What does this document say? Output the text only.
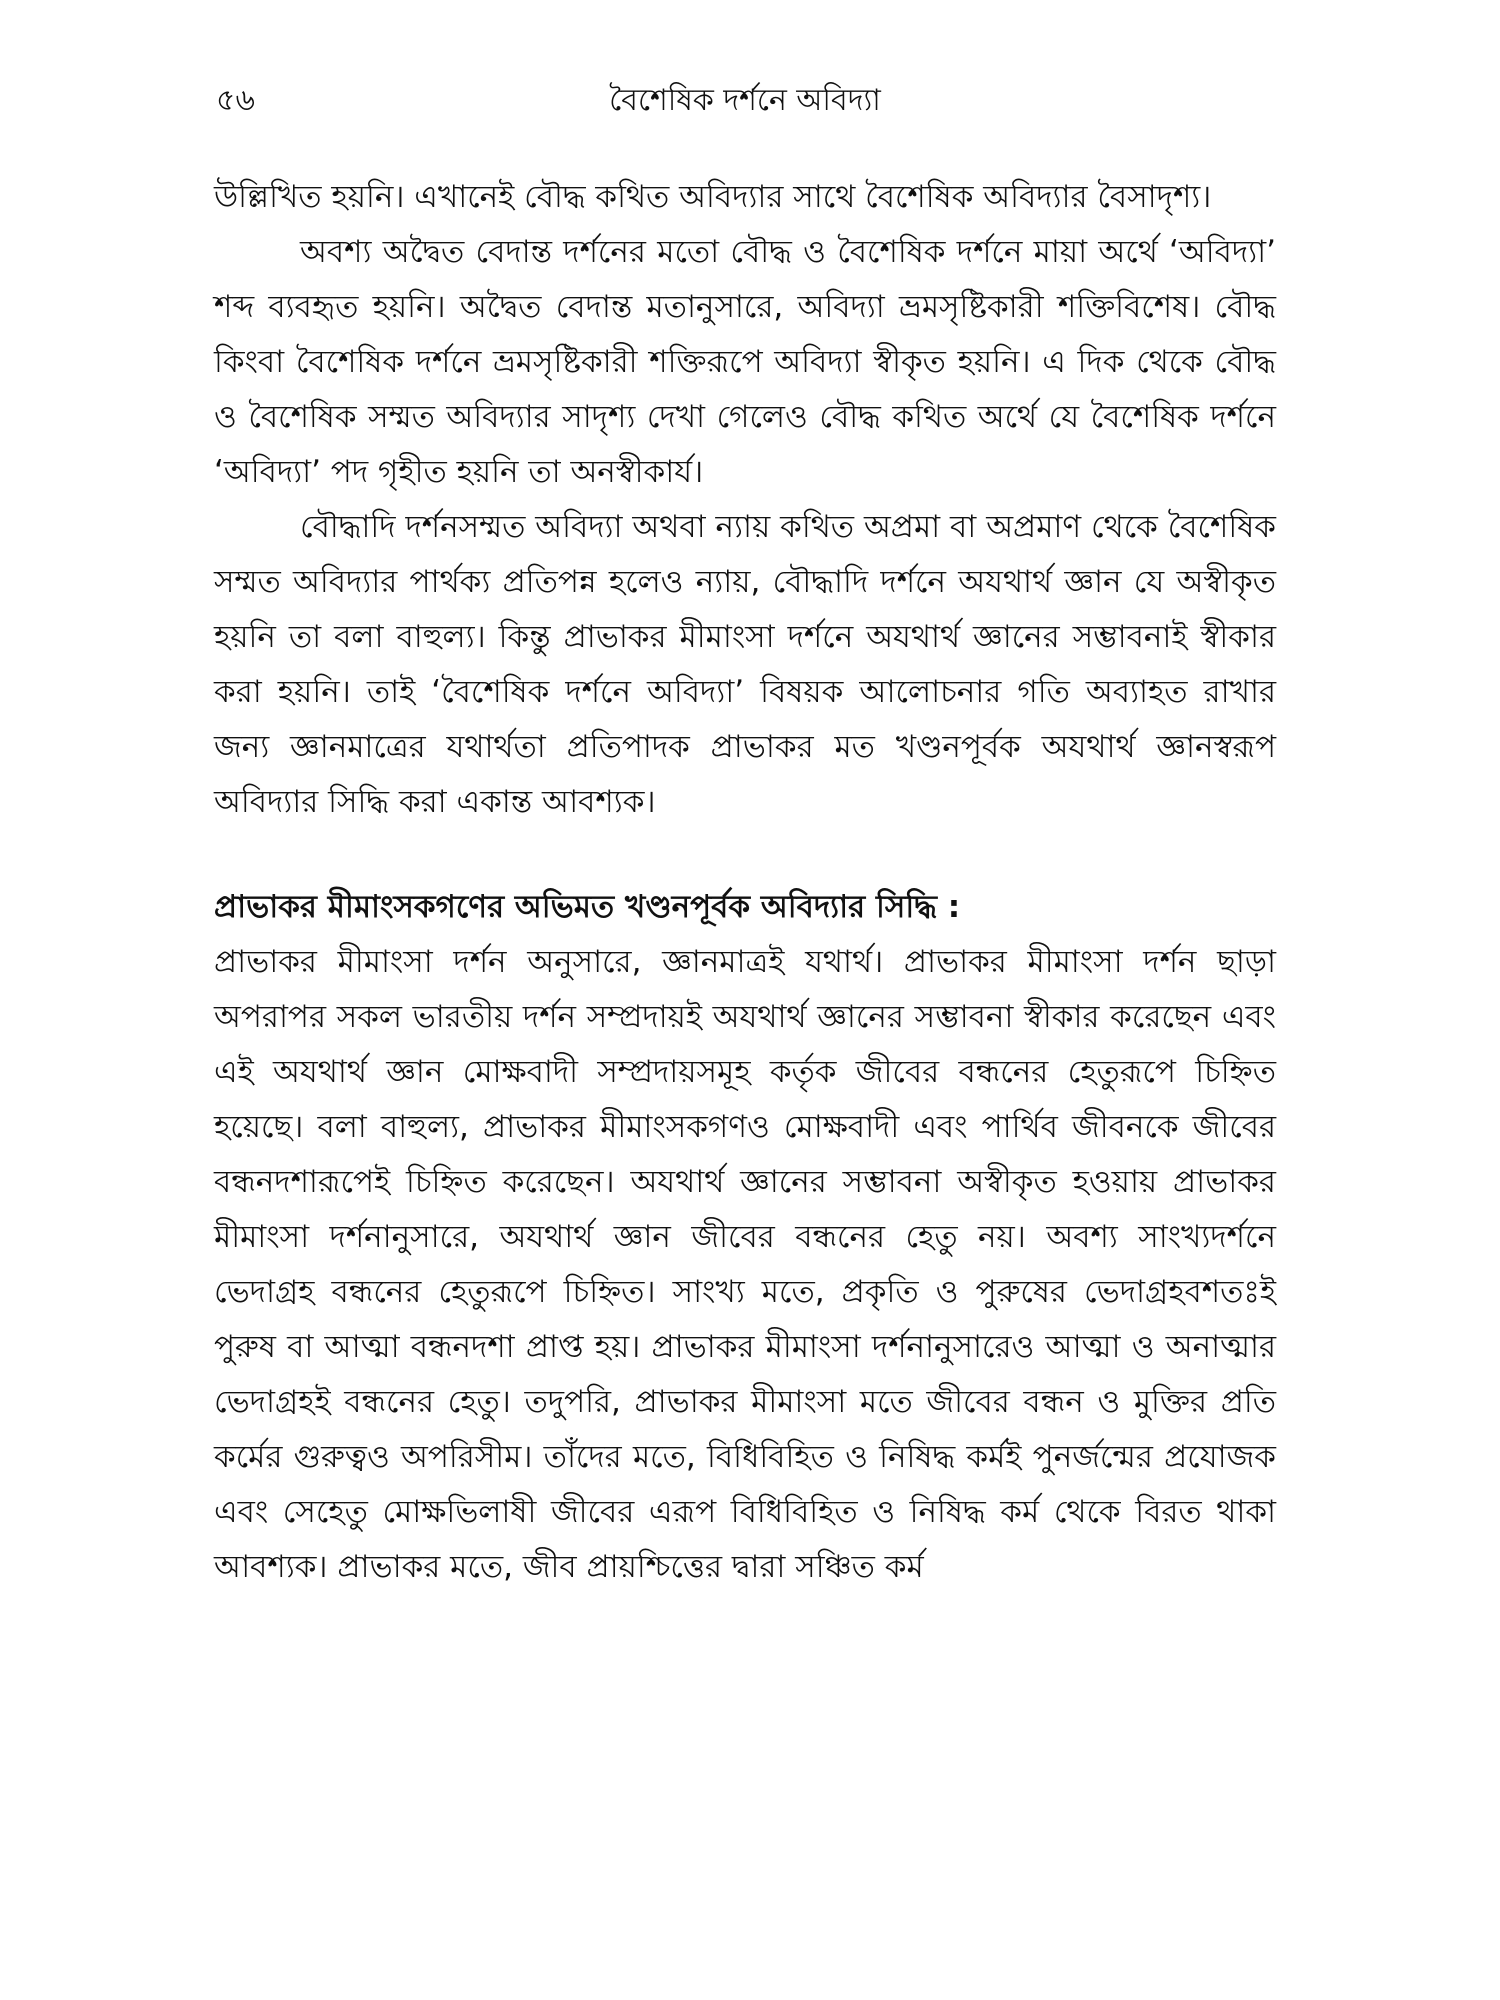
৫৬	বৈশেষিক দর্শনে অবিদ্যা

উল্লিখিত হয়নি। এখানেই বৌদ্ধ কথিত অবিদ্যার সাথে বৈশেষিক অবিদ্যার বৈসাদৃশ্য।

অবশ্য অদ্বৈত বেদান্ত দর্শনের মতো বৌদ্ধ ও বৈশেষিক দর্শনে মায়া অর্থে ‘অবিদ্যা’ শব্দ ব্যবহৃত হয়নি। অদ্বৈত বেদান্ত মতানুসারে, অবিদ্যা ভ্রমসৃষ্টিকারী শক্তিবিশেষ। বৌদ্ধ কিংবা বৈশেষিক দর্শনে ভ্রমসৃষ্টিকারী শক্তিরূপে অবিদ্যা স্বীকৃত হয়নি। এ দিক থেকে বৌদ্ধ ও বৈশেষিক সম্মত অবিদ্যার সাদৃশ্য দেখা গেলেও বৌদ্ধ কথিত অর্থে যে বৈশেষিক দর্শনে ‘অবিদ্যা’ পদ গৃহীত হয়নি তা অনস্বীকার্য।

বৌদ্ধাদি দর্শনসম্মত অবিদ্যা অথবা ন্যায় কথিত অপ্রমা বা অপ্রমাণ থেকে বৈশেষিক সম্মত অবিদ্যার পার্থক্য প্রতিপন্ন হলেও ন্যায়, বৌদ্ধাদি দর্শনে অযথার্থ জ্ঞান যে অস্বীকৃত হয়নি তা বলা বাহুল্য। কিন্তু প্রাভাকর মীমাংসা দর্শনে অযথার্থ জ্ঞানের সম্ভাবনাই স্বীকার করা হয়নি। তাই ‘বৈশেষিক দর্শনে অবিদ্যা’ বিষয়ক আলোচনার গতি অব্যাহত রাখার জন্য জ্ঞানমাত্রের যথার্থতা প্রতিপাদক প্রাভাকর মত খণ্ডনপূর্বক অযথার্থ জ্ঞানস্বরূপ অবিদ্যার সিদ্ধি করা একান্ত আবশ্যক।

প্রাভাকর মীমাংসকগণের অভিমত খণ্ডনপূর্বক অবিদ্যার সিদ্ধি :

প্রাভাকর মীমাংসা দর্শন অনুসারে, জ্ঞানমাত্রই যথার্থ। প্রাভাকর মীমাংসা দর্শন ছাড়া অপরাপর সকল ভারতীয় দর্শন সম্প্রদায়ই অযথার্থ জ্ঞানের সম্ভাবনা স্বীকার করেছেন এবং এই অযথার্থ জ্ঞান মোক্ষবাদী সম্প্রদায়সমূহ কর্তৃক জীবের বন্ধনের হেতুরূপে চিহ্নিত হয়েছে। বলা বাহুল্য, প্রাভাকর মীমাংসকগণও মোক্ষবাদী এবং পার্থিব জীবনকে জীবের বন্ধনদশারূপেই চিহ্নিত করেছেন। অযথার্থ জ্ঞানের সম্ভাবনা অস্বীকৃত হওয়ায় প্রাভাকর মীমাংসা দর্শনানুসারে, অযথার্থ জ্ঞান জীবের বন্ধনের হেতু নয়। অবশ্য সাংখ্যদর্শনে ভেদাগ্রহ বন্ধনের হেতুরূপে চিহ্নিত। সাংখ্য মতে, প্রকৃতি ও পুরুষের ভেদাগ্রহবশতঃই পুরুষ বা আত্মা বন্ধনদশা প্রাপ্ত হয়। প্রাভাকর মীমাংসা দর্শনানুসারেও আত্মা ও অনাত্মার ভেদাগ্রহই বন্ধনের হেতু। তদুপরি, প্রাভাকর মীমাংসা মতে জীবের বন্ধন ও মুক্তির প্রতি কর্মের গুরুত্বও অপরিসীম। তাঁদের মতে, বিধিবিহিত ও নিষিদ্ধ কর্মই পুনর্জন্মের প্রযোজক এবং সেহেতু মোক্ষভিলাষী জীবের এরূপ বিধিবিহিত ও নিষিদ্ধ কর্ম থেকে বিরত থাকা আবশ্যক। প্রাভাকর মতে, জীব প্রায়শ্চিত্তের দ্বারা সঞ্চিত কর্ম
